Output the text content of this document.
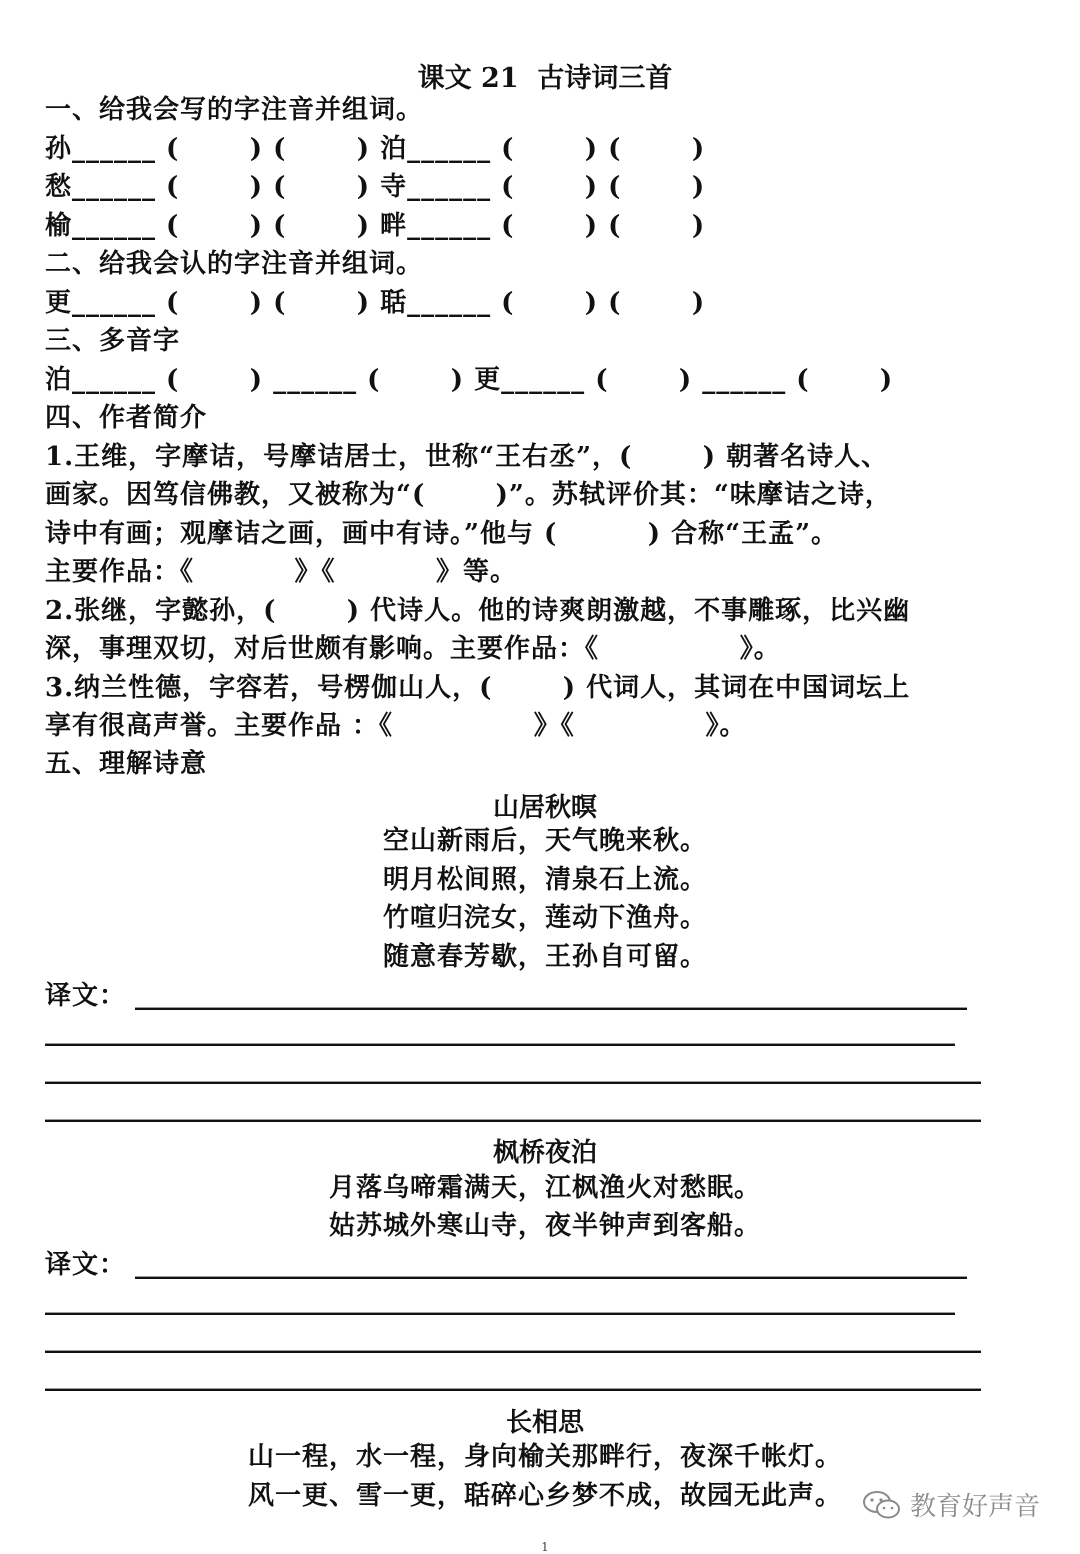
课文 21  古诗词三首
一、给我会写的字注音并组词。
孙______ (       ) (       ) 泊______ (       ) (       )
愁______ (       ) (       ) 寺______ (       ) (       )
榆______ (       ) (       ) 畔______ (       ) (       )
二、给我会认的字注音并组词。
更______ (       ) (       ) 聒______ (       ) (       )
三、多音字
泊______ (       ) ______ (       ) 更______ (       ) ______ (       )
四、作者简介
1.王维，字摩诘，号摩诘居士，世称“王右丞”，(       ) 朝著名诗人、
画家。因笃信佛教，又被称为“(       )”。苏轼评价其：“味摩诘之诗，
诗中有画；观摩诘之画，画中有诗。”他与 (         ) 合称“王孟”。
主要作品：《          》《          》等。
2.张继，字懿孙，(       ) 代诗人。他的诗爽朗激越，不事雕琢，比兴幽
深，事理双切，对后世颇有影响。主要作品：《              》。
3.纳兰性德，字容若，号楞伽山人，(       ) 代词人，其词在中国词坛上
享有很高声誉。主要作品 ：《              》《             》。
五、理解诗意
山居秋暝
空山新雨后，天气晚来秋。
明月松间照，清泉石上流。
竹喧归浣女，莲动下渔舟。
随意春芳歇，王孙自可留。
译文： ________________________________________________________________
______________________________________________________________________
________________________________________________________________________
________________________________________________________________________
枫桥夜泊
月落乌啼霜满天，江枫渔火对愁眠。
姑苏城外寒山寺，夜半钟声到客船。
译文： ________________________________________________________________
______________________________________________________________________
________________________________________________________________________
________________________________________________________________________
长相思
山一程，水一程，身向榆关那畔行，夜深千帐灯。
风一更、雪一更，聒碎心乡梦不成，故园无此声。	教育好声音
1
